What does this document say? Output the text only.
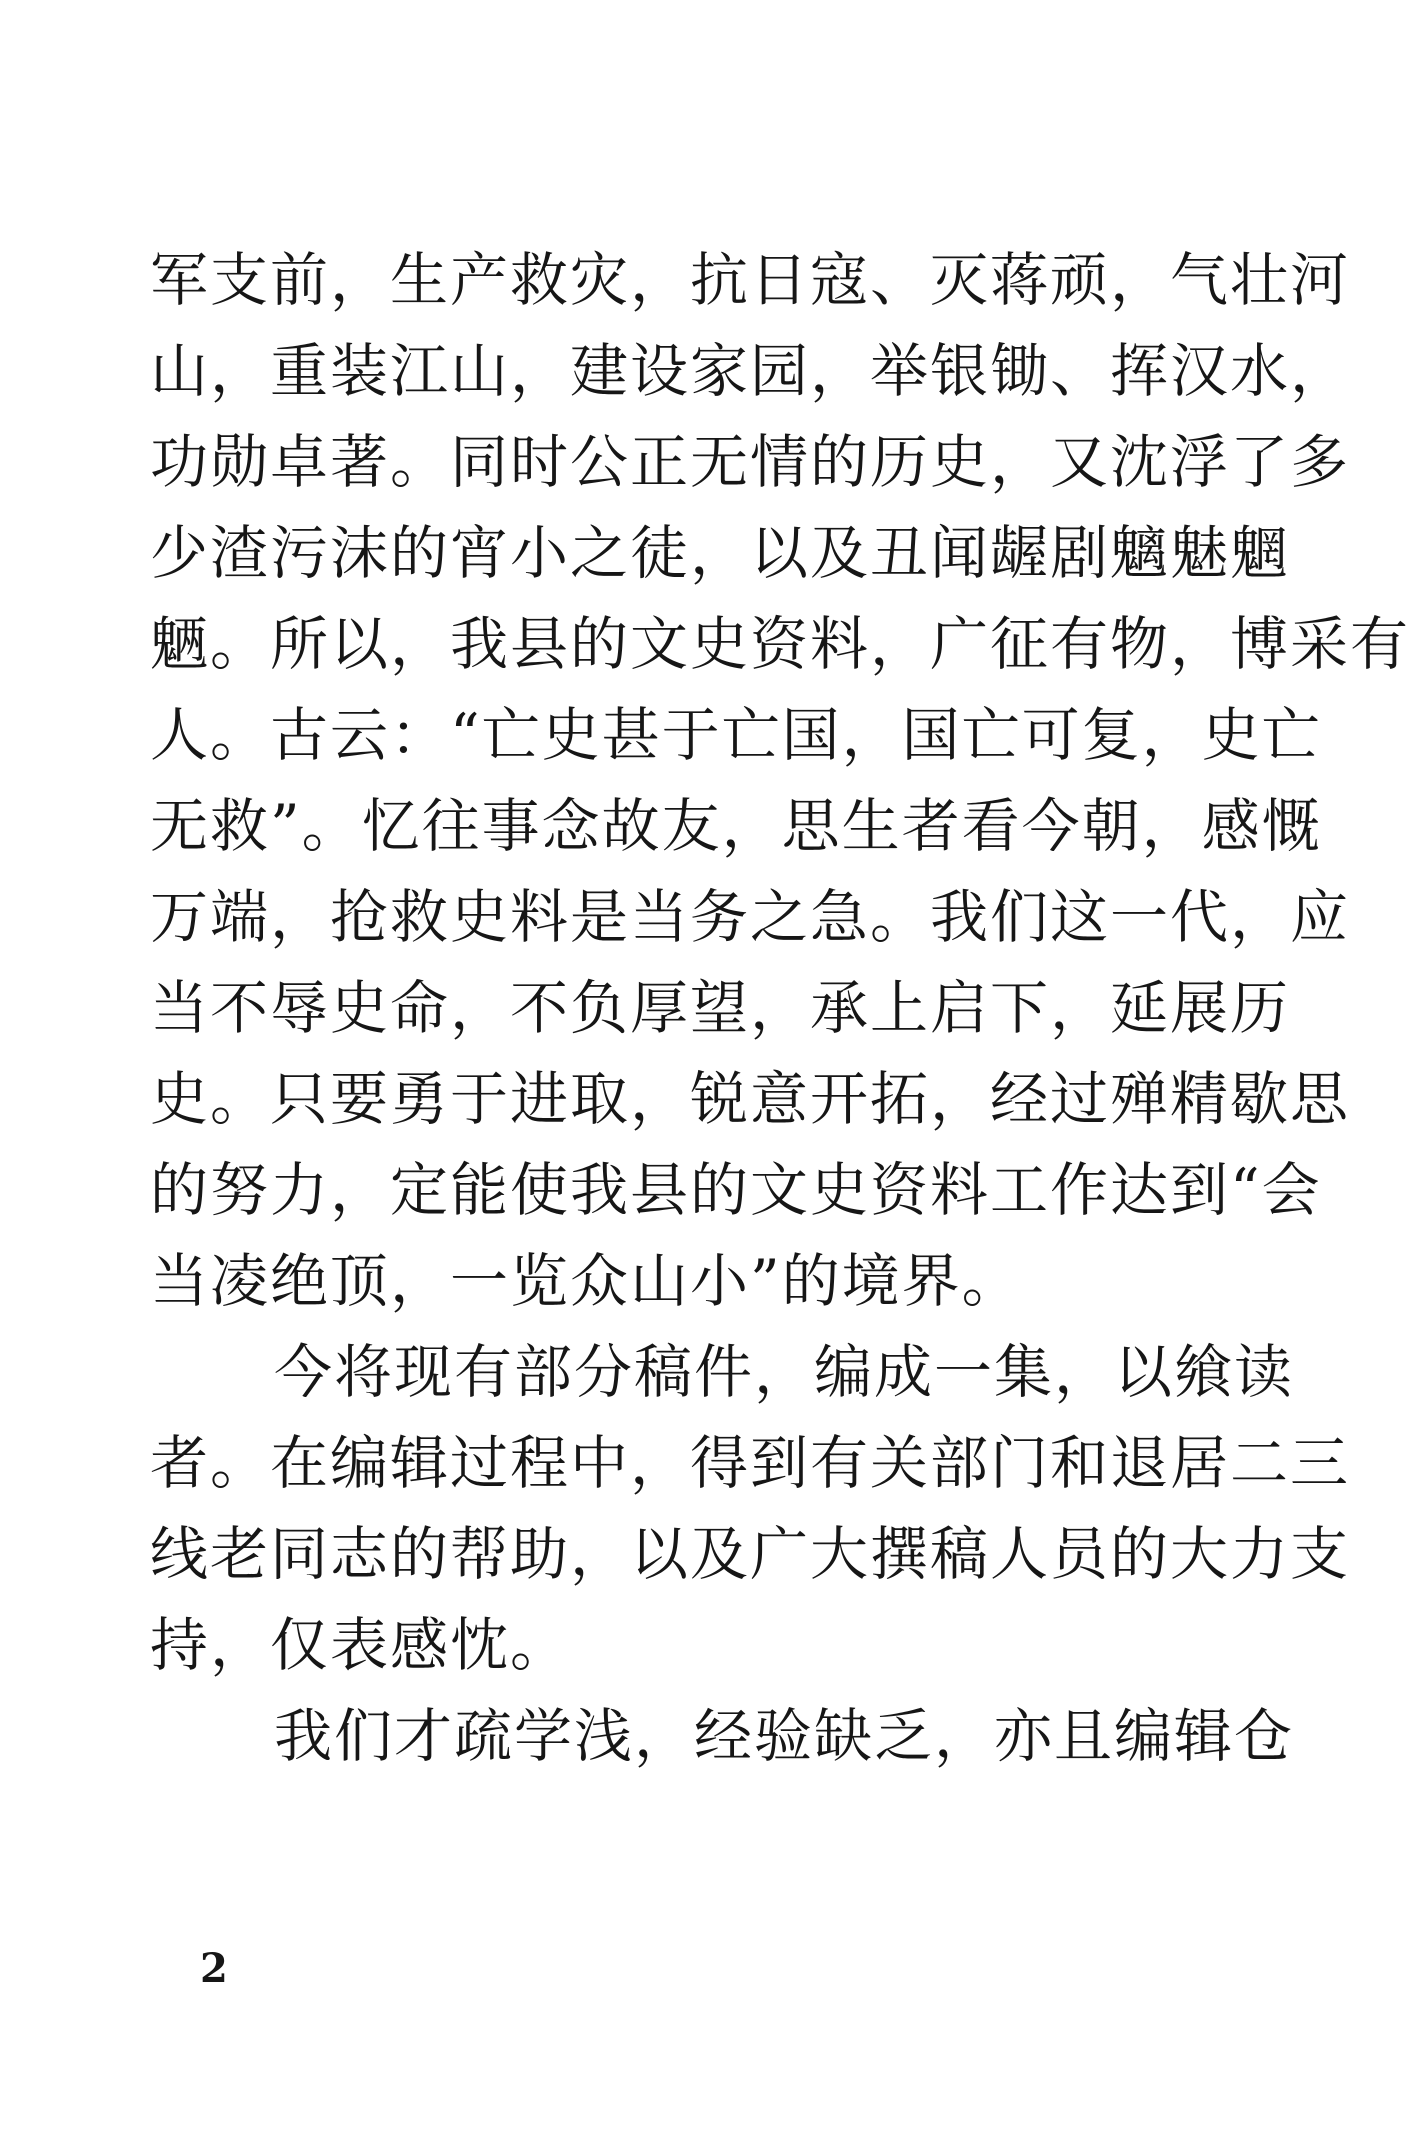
军支前，生产救灾，抗日寇、灭蒋顽，气壮河
山，重装江山，建设家园，举银锄、挥汉水，
功勋卓著。同时公正无情的历史，又沈浮了多
少渣污沫的宵小之徒，以及丑闻龌剧魑魅魍
魉。所以，我县的文史资料，广征有物，博采有
人。古云：“亡史甚于亡国，国亡可复，史亡
无救”。忆往事念故友，思生者看今朝，感慨
万端，抢救史料是当务之急。我们这一代，应
当不辱史命，不负厚望，承上启下，延展历
史。只要勇于进取，锐意开拓，经过殚精歇思
的努力，定能使我县的文史资料工作达到“会
当凌绝顶，一览众山小”的境界。
今将现有部分稿件，编成一集，以飨读
者。在编辑过程中，得到有关部门和退居二三
线老同志的帮助，以及广大撰稿人员的大力支
持，仅表感忱。
我们才疏学浅，经验缺乏，亦且编辑仓
2
